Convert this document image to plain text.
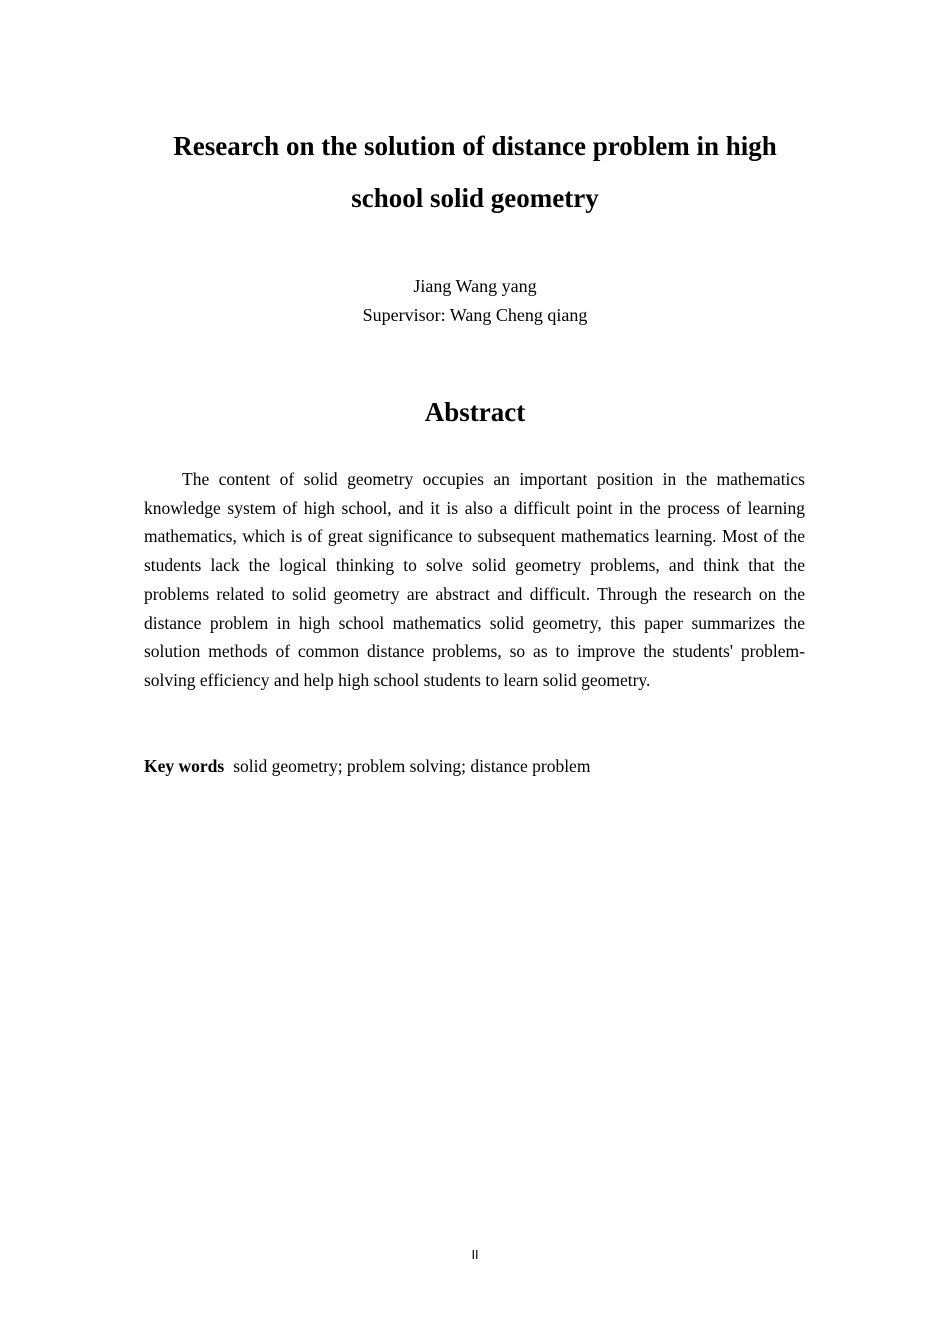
Research on the solution of distance problem in high
school solid geometry
Jiang Wang yang
Supervisor: Wang Cheng qiang
Abstract

The content of solid geometry occupies an important position in the mathematics knowledge system of high school, and it is also a difficult point in the process of learning mathematics, which is of great significance to subsequent mathematics learning. Most of the students lack the logical thinking to solve solid geometry problems, and think that the problems related to solid geometry are abstract and difficult. Through the research on the distance problem in high school mathematics solid geometry, this paper summarizes the solution methods of common distance problems, so as to improve the students' problem-solving efficiency and help high school students to learn solid geometry.

Key words solid geometry; problem solving; distance problem
II
